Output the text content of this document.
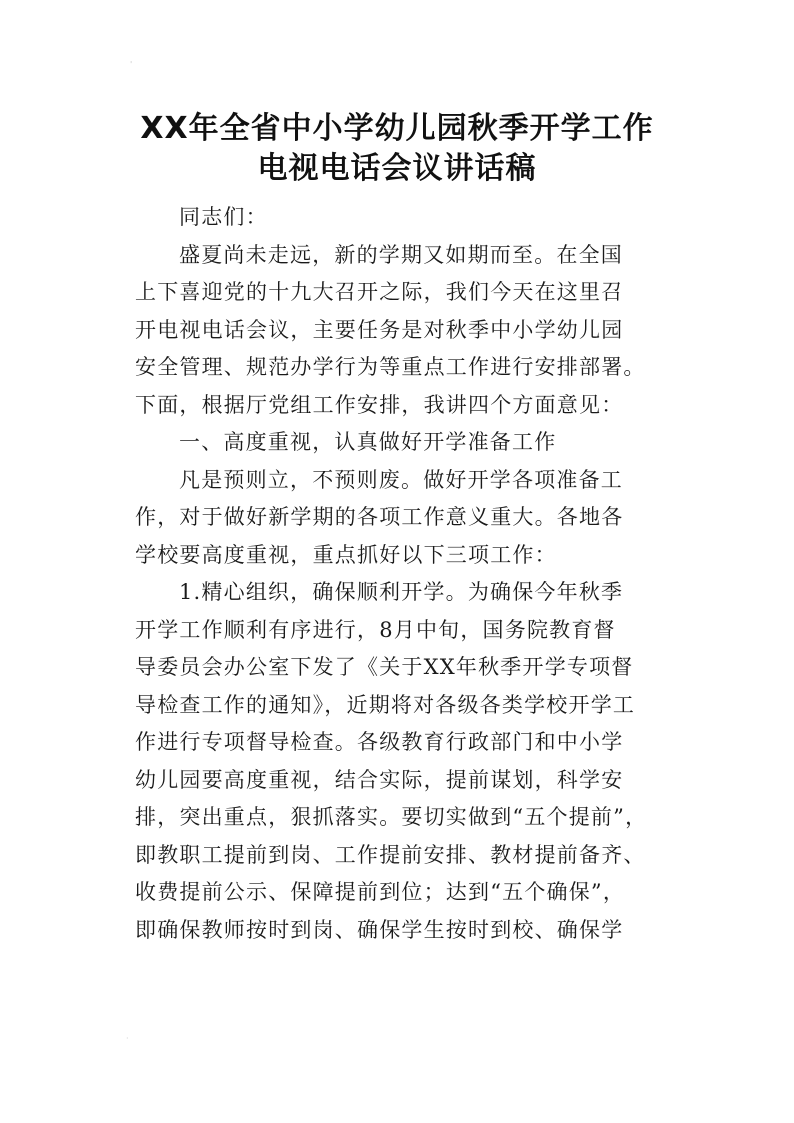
'
·
XX年全省中小学幼儿园秋季开学工作
电视电话会议讲话稿
同志们：
盛夏尚未走远，新的学期又如期而至。在全国
上下喜迎党的十九大召开之际，我们今天在这里召
开电视电话会议，主要任务是对秋季中小学幼儿园
安全管理、规范办学行为等重点工作进行安排部署。
下面，根据厅党组工作安排，我讲四个方面意见：
一、高度重视，认真做好开学准备工作
凡是预则立，不预则废。做好开学各项准备工
作，对于做好新学期的各项工作意义重大。各地各
学校要高度重视，重点抓好以下三项工作：
1.精心组织，确保顺利开学。为确保今年秋季
开学工作顺利有序进行，8月中旬，国务院教育督
导委员会办公室下发了《关于XX年秋季开学专项督
导检查工作的通知》，近期将对各级各类学校开学工
作进行专项督导检查。各级教育行政部门和中小学
幼儿园要高度重视，结合实际，提前谋划，科学安
排，突出重点，狠抓落实。要切实做到“五个提前”，
即教职工提前到岗、工作提前安排、教材提前备齐、
收费提前公示、保障提前到位；达到“五个确保”，
即确保教师按时到岗、确保学生按时到校、确保学
